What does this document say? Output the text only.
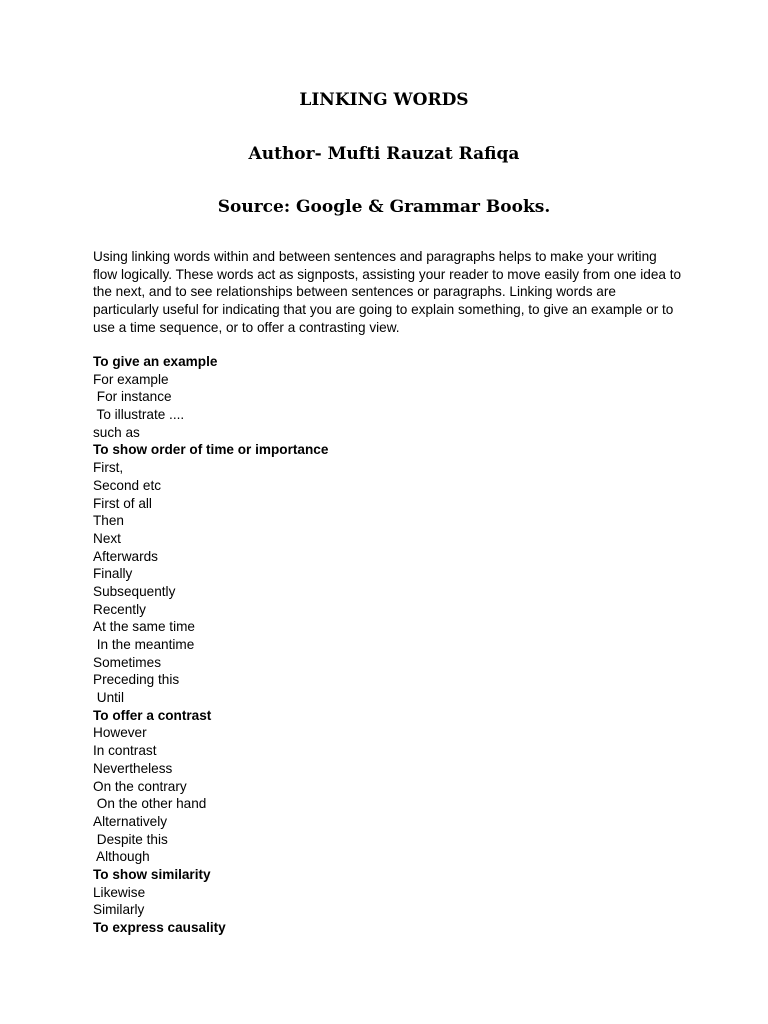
LINKING WORDS
Author- Mufti Rauzat Rafiqa
Source: Google & Grammar Books.

Using linking words within and between sentences and paragraphs helps to make your writing flow logically. These words act as signposts, assisting your reader to move easily from one idea to the next, and to see relationships between sentences or paragraphs. Linking words are particularly useful for indicating that you are going to explain something, to give an example or to use a time sequence, or to offer a contrasting view.

To give an example
For example
For instance
To illustrate ....
such as
To show order of time or importance
First,
Second etc
First of all
Then
Next
Afterwards
Finally
Subsequently
Recently
At the same time
In the meantime
Sometimes
Preceding this
Until
To offer a contrast
However
In contrast
Nevertheless
On the contrary
On the other hand
Alternatively
Despite this
Although
To show similarity
Likewise
Similarly
To express causality
